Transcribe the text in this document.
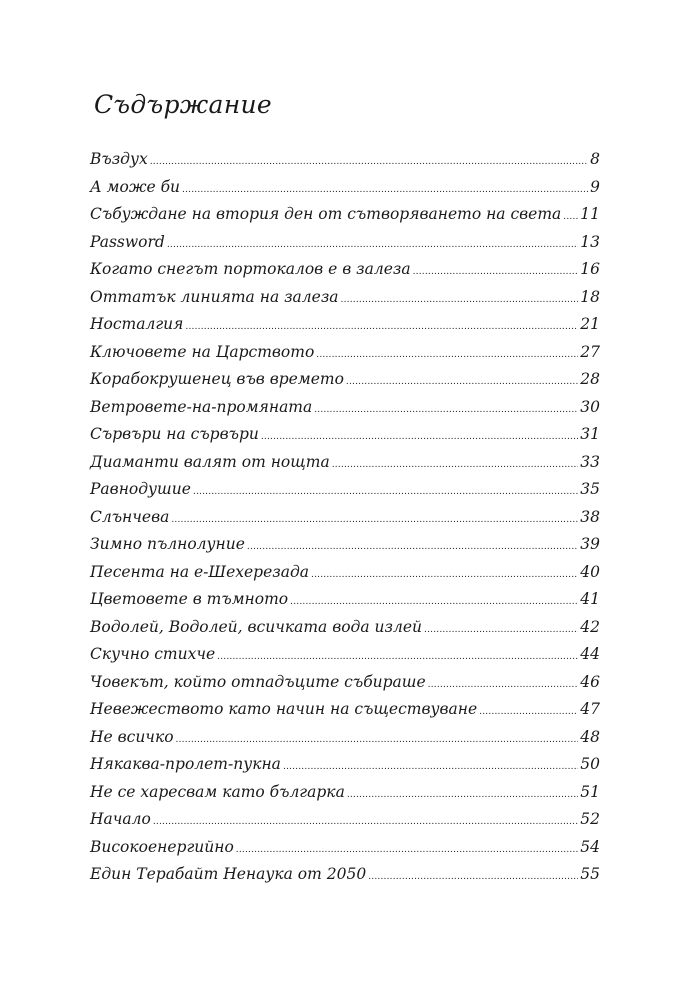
Съдържание
Въздух .....	8
А може би .....	9
Събуждане на втория ден от сътворяването на света ..... 11
Password .....	13
Когато снегът портокалов е в залеза .....	16
Оттатък линията на залеза .....	18
Носталгия .....	21
Ключовете на Царството .....	27
Корабокрушенец във времето .....	28
Ветровете-на-промяната .....	30
Сървъри на сървъри .....	31
Диаманти валят от нощта .....	33
Равнодушие .....	35
Слънчева .....	38
Зимно пълнолуние .....	39
Песента на е-Шехерезада .....	40
Цветовете в тъмното .....	41
Водолей, Водолей, всичката вода излей .....	42
Скучно стихче .....	44
Човекът, който отпадъците събираше .....	46
Невежеството като начин на съществуване .....	47
Не всичко .....	48
Някаква-пролет-пукна .....	50
Не се харесвам като българка .....	51
Начало .....	52
Високоенергийно .....	54
Един Терабайт Ненаука от 2050 .....	55
